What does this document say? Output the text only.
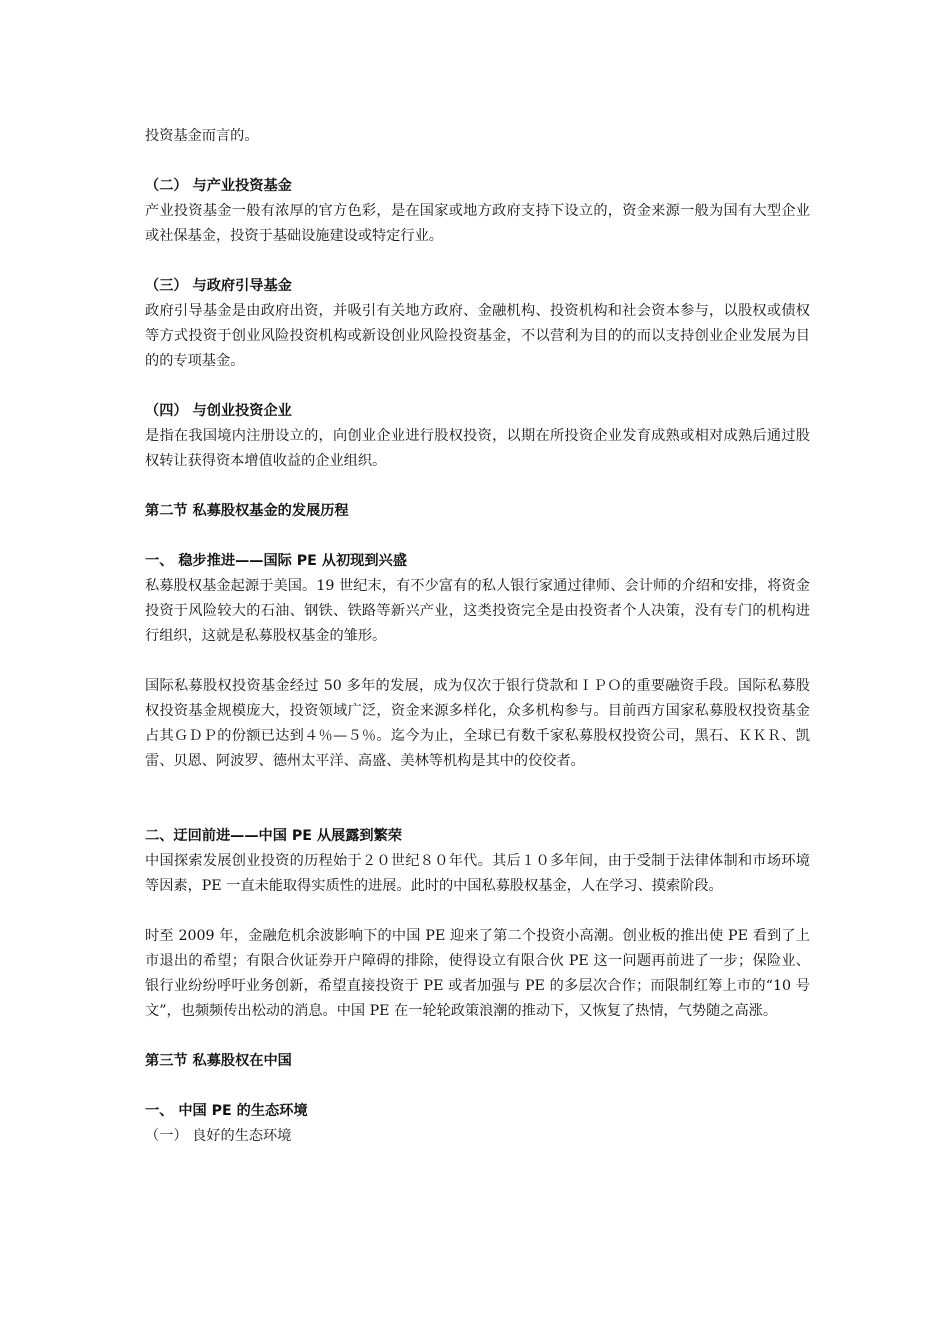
投资基金而言的。

（二） 与产业投资基金

产业投资基金一般有浓厚的官方色彩，是在国家或地方政府支持下设立的，资金来源一般为国有大型企业或社保基金，投资于基础设施建设或特定行业。

（三） 与政府引导基金

政府引导基金是由政府出资，并吸引有关地方政府、金融机构、投资机构和社会资本参与，以股权或债权等方式投资于创业风险投资机构或新设创业风险投资基金，不以营利为目的的而以支持创业企业发展为目的的专项基金。

（四） 与创业投资企业

是指在我国境内注册设立的，向创业企业进行股权投资，以期在所投资企业发育成熟或相对成熟后通过股权转让获得资本增值收益的企业组织。

第二节 私募股权基金的发展历程

一、 稳步推进——国际 PE 从初现到兴盛

私募股权基金起源于美国。19 世纪末，有不少富有的私人银行家通过律师、会计师的介绍和安排，将资金投资于风险较大的石油、钢铁、铁路等新兴产业，这类投资完全是由投资者个人决策，没有专门的机构进行组织，这就是私募股权基金的雏形。

国际私募股权投资基金经过 50 多年的发展，成为仅次于银行贷款和ＩＰＯ的重要融资手段。国际私募股权投资基金规模庞大，投资领域广泛，资金来源多样化，众多机构参与。目前西方国家私募股权投资基金占其ＧＤＰ的份额已达到４％—５％。迄今为止，全球已有数千家私募股权投资公司，黑石、ＫＫＲ、凯雷、贝恩、阿波罗、德州太平洋、高盛、美林等机构是其中的佼佼者。

二、迂回前进——中国 PE 从展露到繁荣

中国探索发展创业投资的历程始于２０世纪８０年代。其后１０多年间，由于受制于法律体制和市场环境等因素，PE 一直未能取得实质性的进展。此时的中国私募股权基金，人在学习、摸索阶段。

时至 2009 年，金融危机余波影响下的中国 PE 迎来了第二个投资小高潮。创业板的推出使 PE 看到了上市退出的希望；有限合伙证券开户障碍的排除，使得设立有限合伙 PE 这一问题再前进了一步；保险业、银行业纷纷呼吁业务创新，希望直接投资于 PE 或者加强与 PE 的多层次合作；而限制红筹上市的“10 号文”，也频频传出松动的消息。中国 PE 在一轮轮政策浪潮的推动下，又恢复了热情，气势随之高涨。

第三节 私募股权在中国

一、 中国 PE 的生态环境

（一） 良好的生态环境
